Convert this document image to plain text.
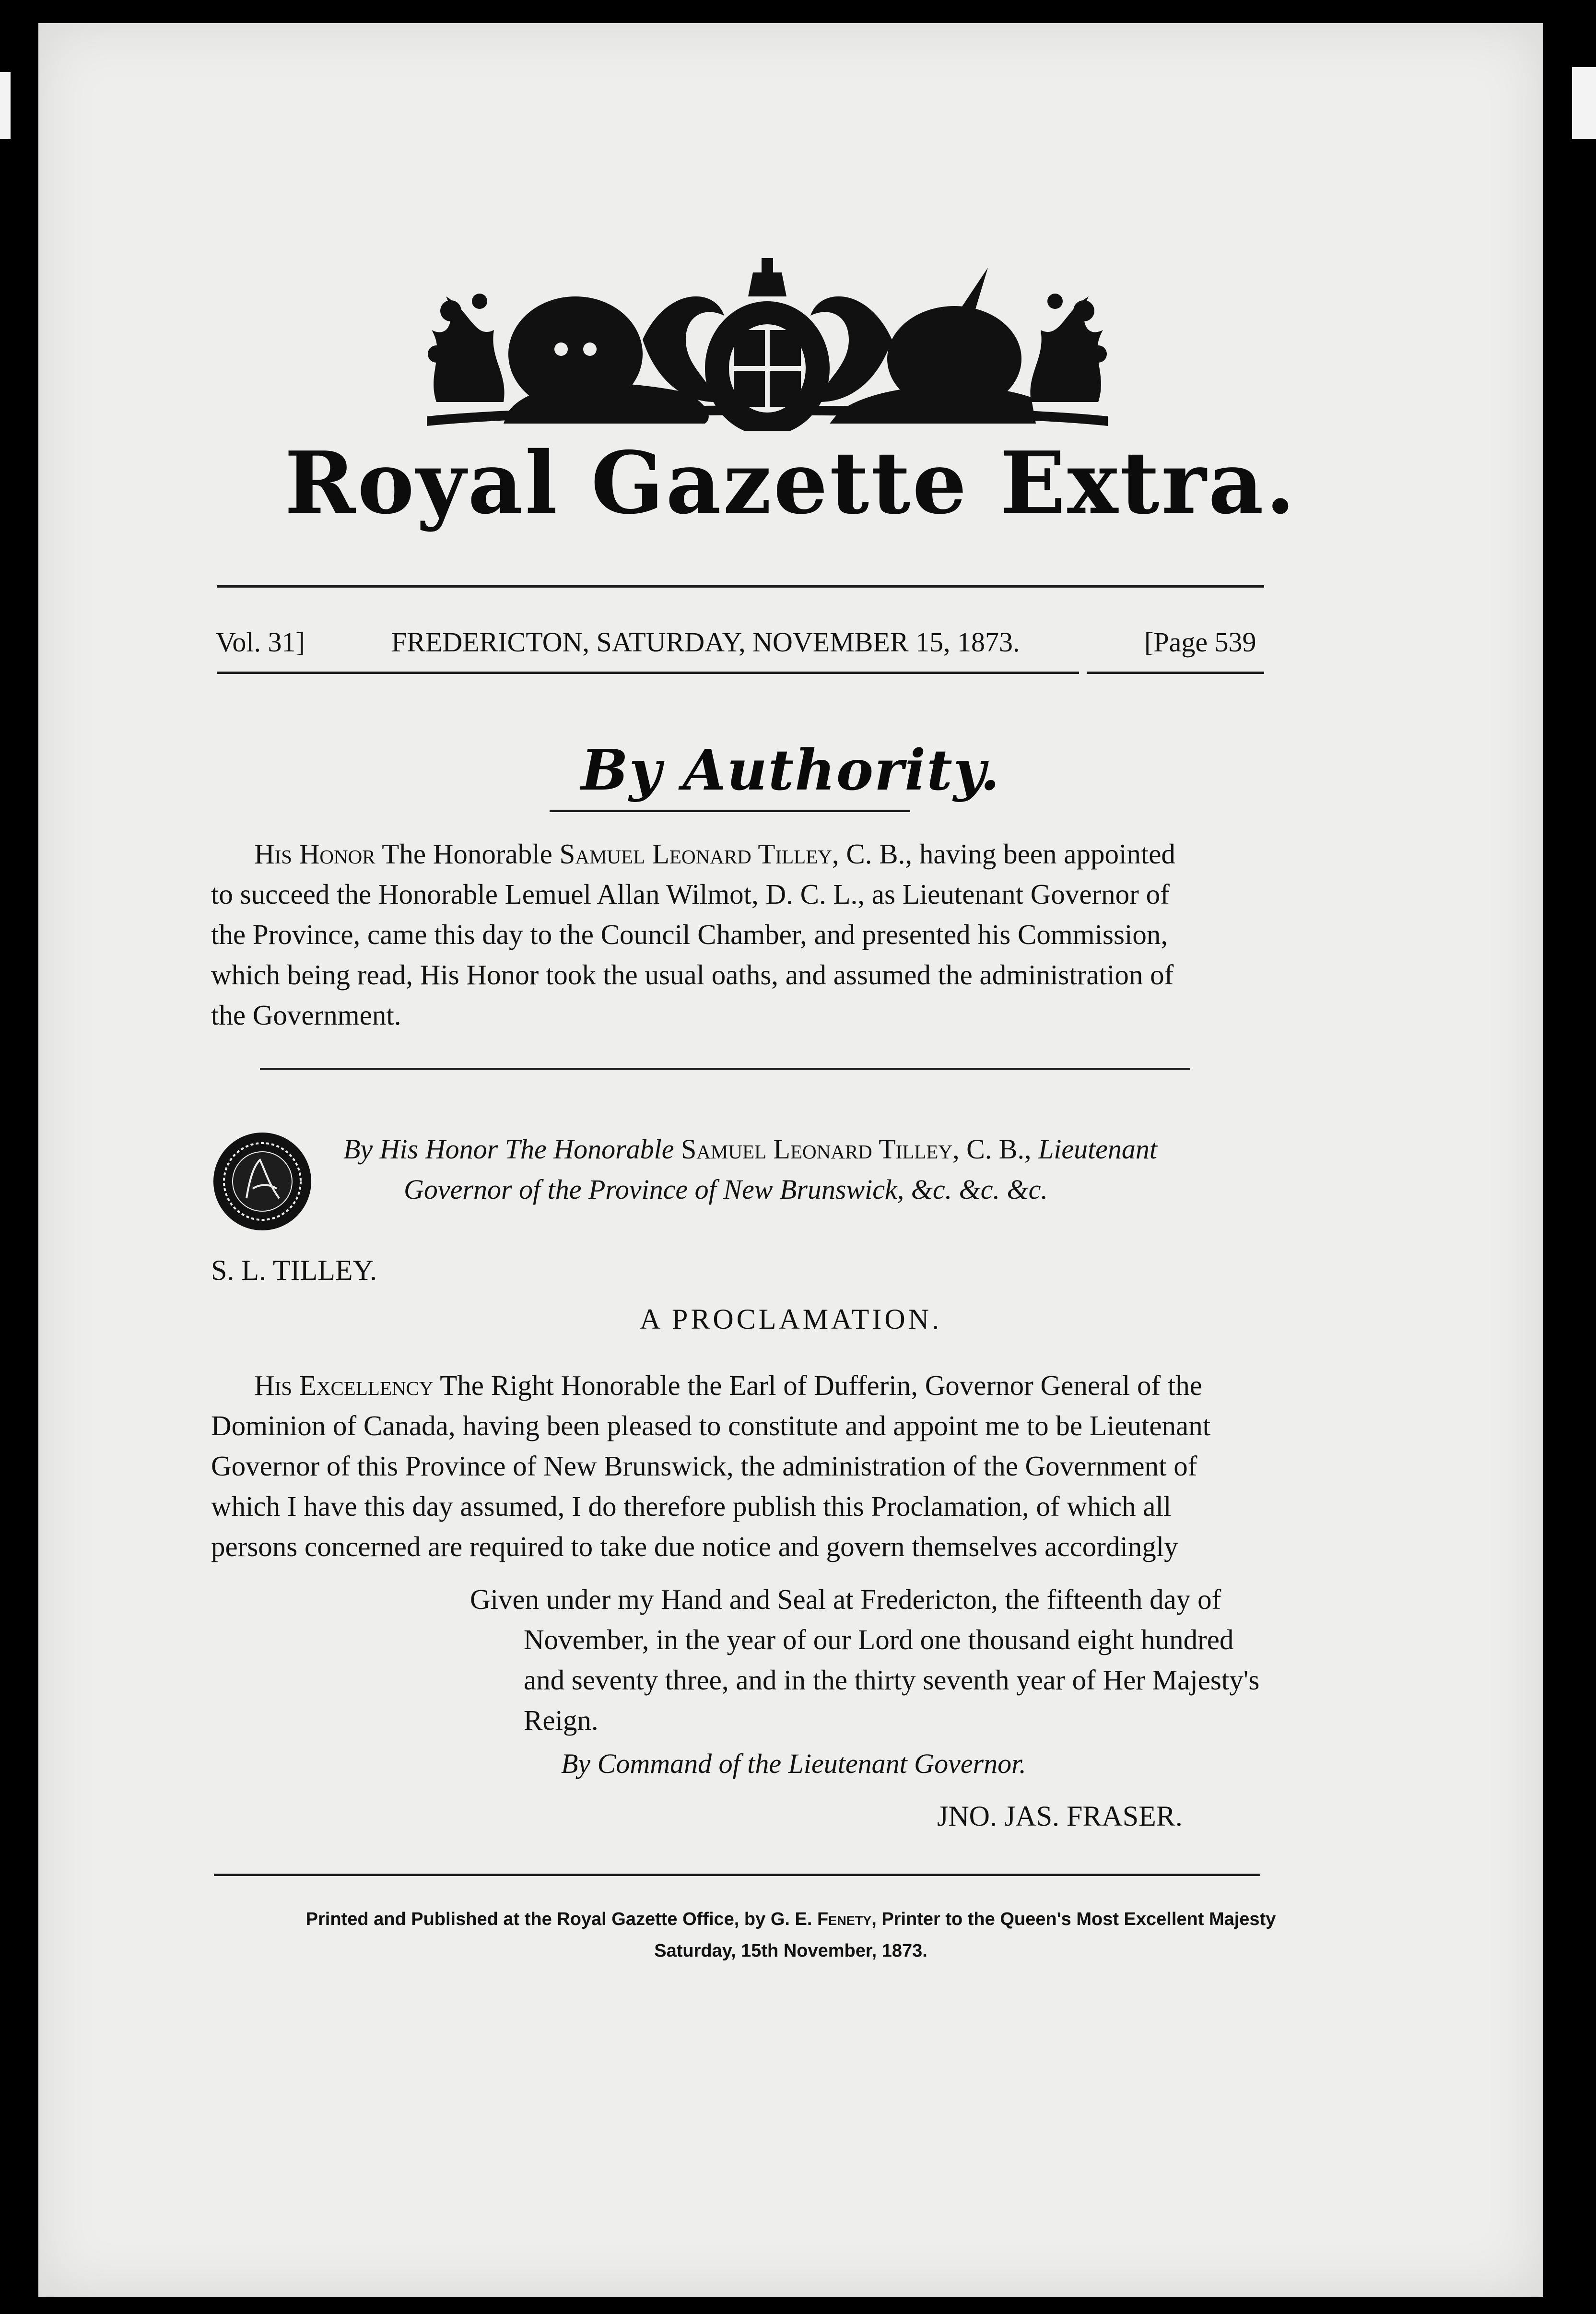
Royal Gazette Extra.
Vol. 31]	FREDERICTON, SATURDAY, NOVEMBER 15, 1873.	[Page 539
By Authority.
His Honor The Honorable Samuel Leonard Tilley, C. B., having been appointed
to succeed the Honorable Lemuel Allan Wilmot, D. C. L., as Lieutenant Governor of
the Province, came this day to the Council Chamber, and presented his Commission,
which being read, His Honor took the usual oaths, and assumed the administration of
the Government.
By His Honor The Honorable Samuel Leonard Tilley, C. B., Lieutenant
Governor of the Province of New Brunswick, &c. &c. &c.
S. L. TILLEY.
A PROCLAMATION.
His Excellency The Right Honorable the Earl of Dufferin, Governor General of the
Dominion of Canada, having been pleased to constitute and appoint me to be Lieutenant
Governor of this Province of New Brunswick, the administration of the Government of
which I have this day assumed, I do therefore publish this Proclamation, of which all
persons concerned are required to take due notice and govern themselves accordingly
Given under my Hand and Seal at Fredericton, the fifteenth day of
November, in the year of our Lord one thousand eight hundred
and seventy three, and in the thirty seventh year of Her Majesty's
Reign.
By Command of the Lieutenant Governor.
JNO. JAS. FRASER.
Printed and Published at the Royal Gazette Office, by G. E. Fenety, Printer to the Queen's Most Excellent Majesty
Saturday, 15th November, 1873.
